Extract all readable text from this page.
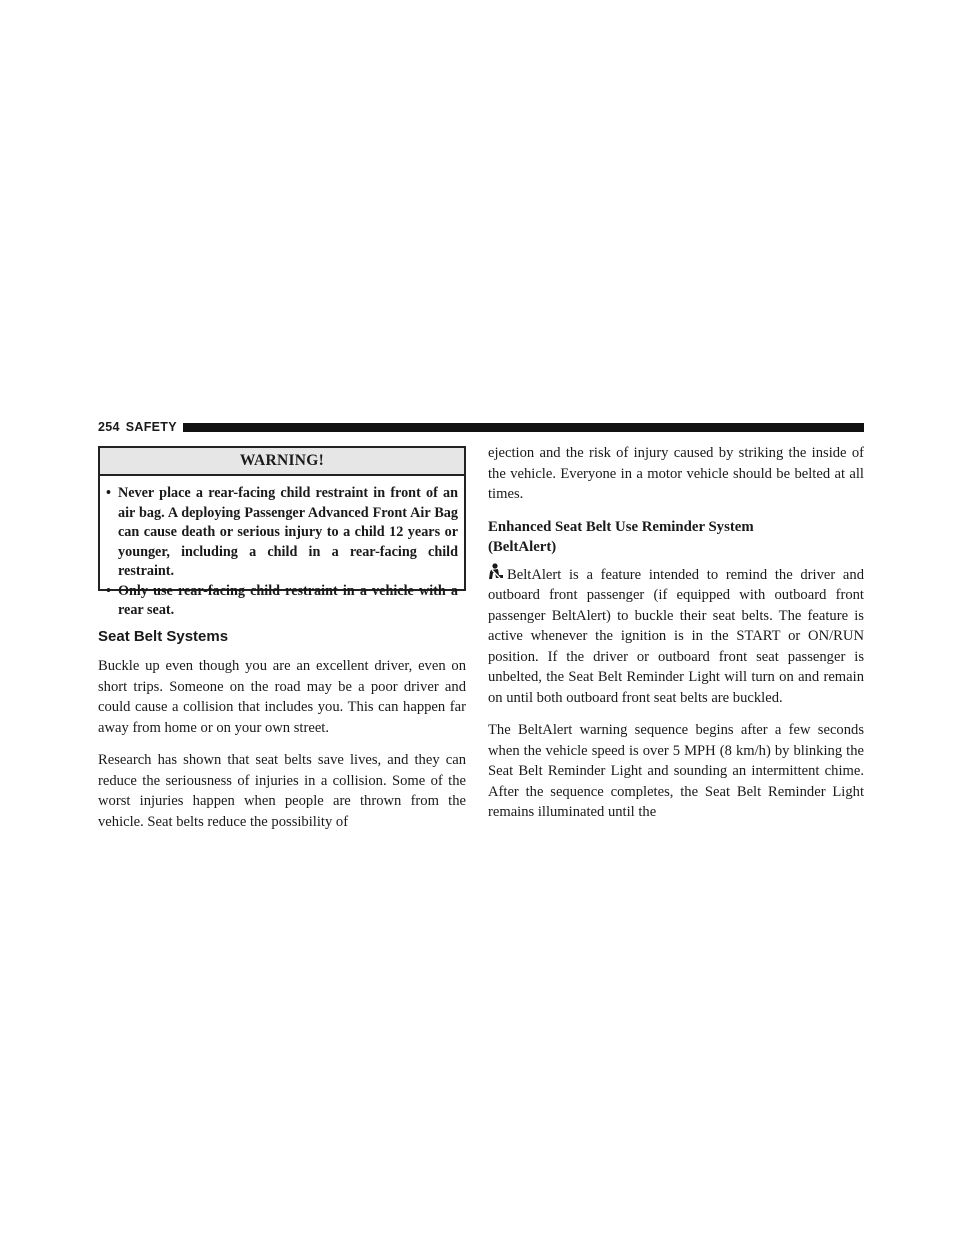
254 SAFETY
WARNING!
• Never place a rear-facing child restraint in front of an air bag. A deploying Passenger Advanced Front Air Bag can cause death or serious injury to a child 12 years or younger, including a child in a rear-facing child restraint.
• Only use rear-facing child restraint in a vehicle with a rear seat.
Seat Belt Systems

Buckle up even though you are an excellent driver, even on short trips. Someone on the road may be a poor driver and could cause a collision that includes you. This can happen far away from home or on your own street.

Research has shown that seat belts save lives, and they can reduce the seriousness of injuries in a collision. Some of the worst injuries happen when people are thrown from the vehicle. Seat belts reduce the possibility of

ejection and the risk of injury caused by striking the inside of the vehicle. Everyone in a motor vehicle should be belted at all times.

Enhanced Seat Belt Use Reminder System
(BeltAlert)

BeltAlert is a feature intended to remind the driver and outboard front passenger (if equipped with outboard front passenger BeltAlert) to buckle their seat belts. The feature is active whenever the ignition is in the START or ON/RUN position. If the driver or outboard front seat passenger is unbelted, the Seat Belt Reminder Light will turn on and remain on until both outboard front seat belts are buckled.

The BeltAlert warning sequence begins after a few seconds when the vehicle speed is over 5 MPH (8 km/h) by blinking the Seat Belt Reminder Light and sounding an intermittent chime. After the sequence completes, the Seat Belt Reminder Light remains illuminated until the
